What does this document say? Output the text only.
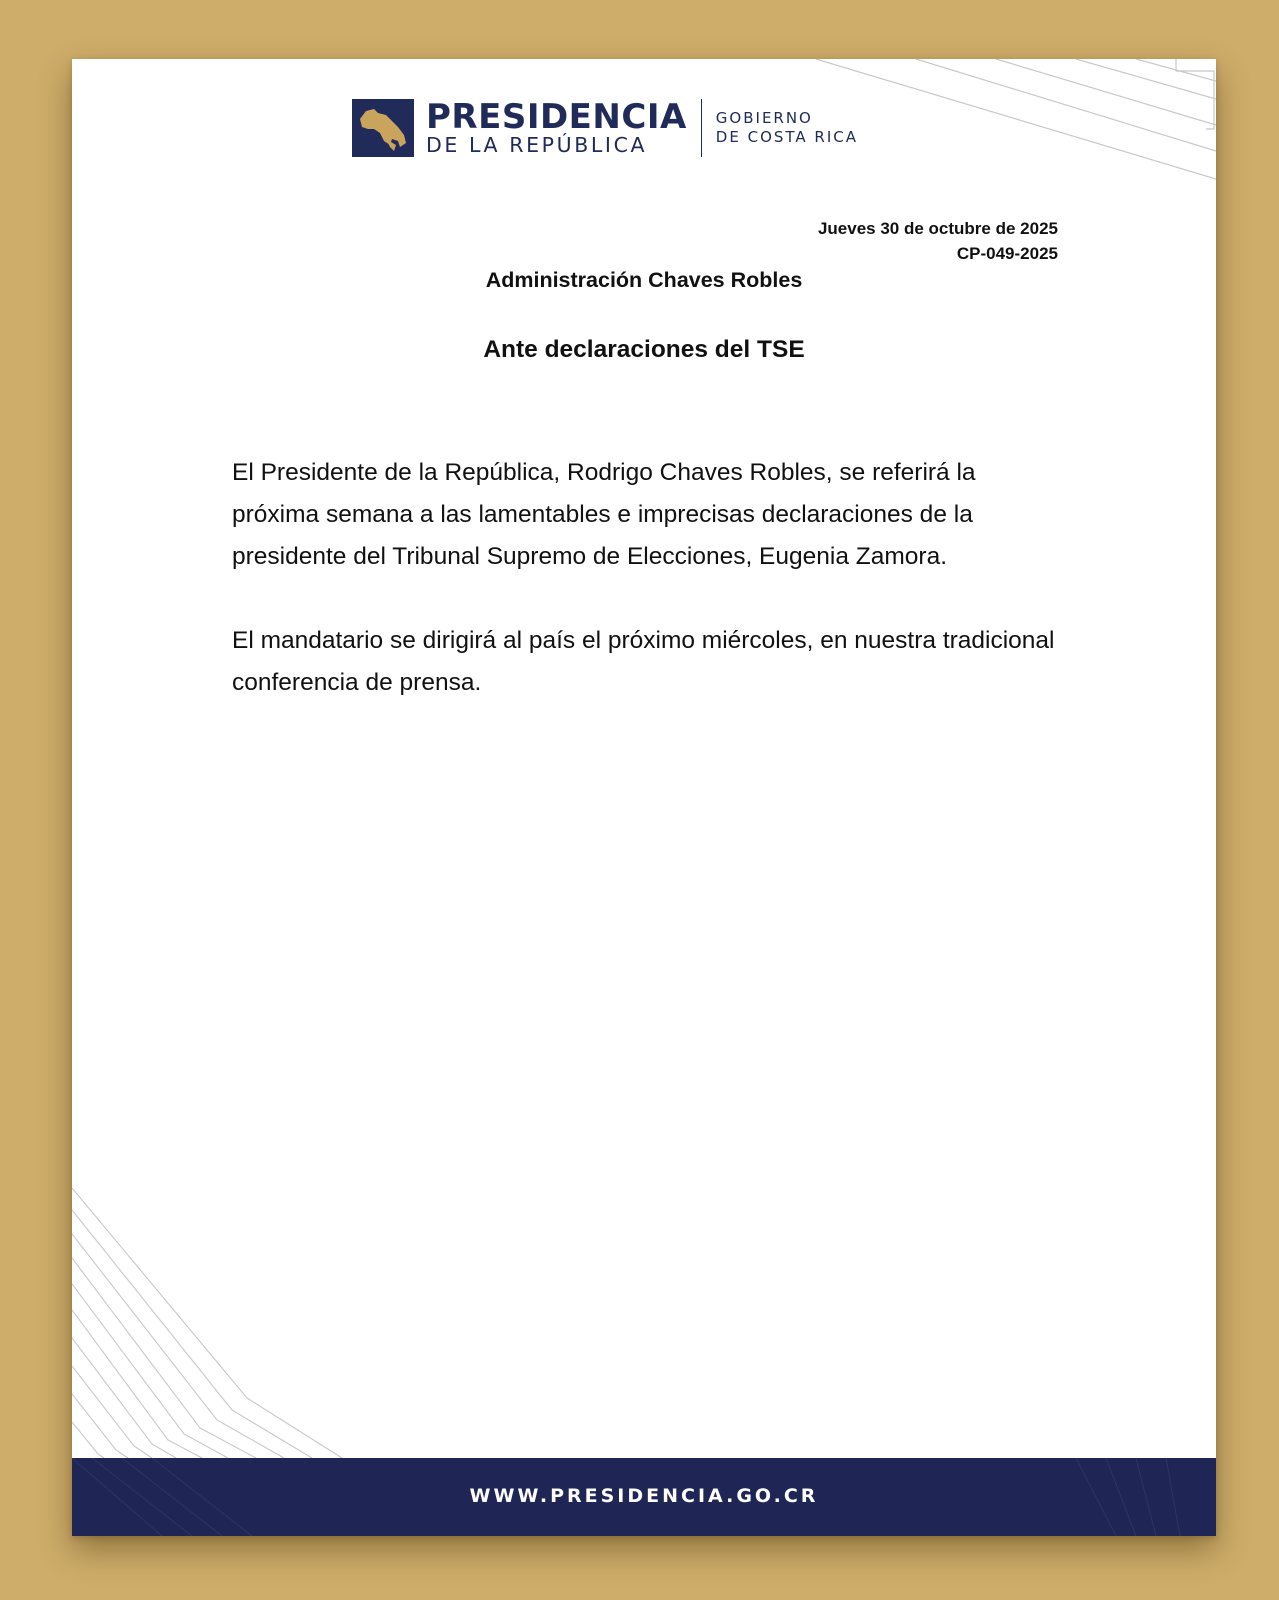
PRESIDENCIA
DE LA REPÚBLICA
GOBIERNO
DE COSTA RICA
Jueves 30 de octubre de 2025
CP-049-2025
Administración Chaves Robles
Ante declaraciones del TSE

El Presidente de la República, Rodrigo Chaves Robles, se referirá la próxima semana a las lamentables e imprecisas declaraciones de la presidente del Tribunal Supremo de Elecciones, Eugenia Zamora.

El mandatario se dirigirá al país el próximo miércoles, en nuestra tradicional conferencia de prensa.

WWW.PRESIDENCIA.GO.CR
